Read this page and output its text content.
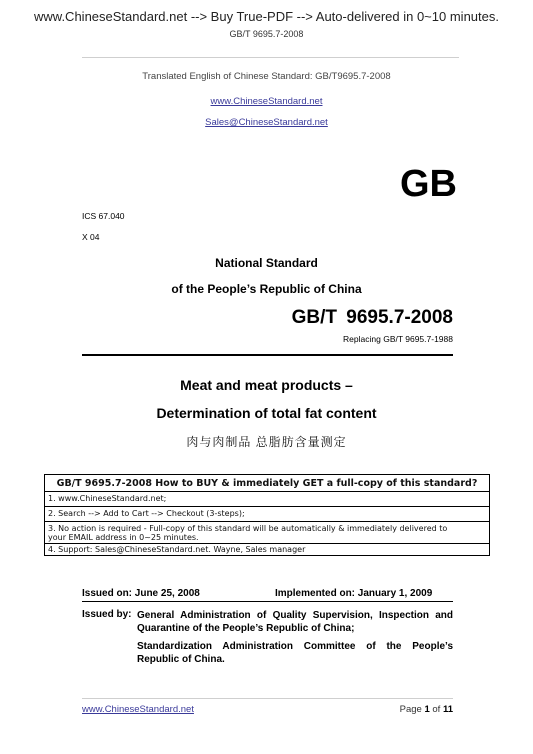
www.ChineseStandard.net --> Buy True-PDF --> Auto-delivered in 0~10 minutes.
GB/T 9695.7-2008
Translated English of Chinese Standard: GB/T9695.7-2008
www.ChineseStandard.net
Sales@ChineseStandard.net
GB
ICS 67.040
X 04
National Standard
of the People’s Republic of China
GB/T 9695.7-2008
Replacing GB/T 9695.7-1988
Meat and meat products –
Determination of total fat content
肉与肉制品 总脂肪含量测定
GB/T 9695.7-2008 How to BUY & immediately GET a full-copy of this standard?
1. www.ChineseStandard.net;
2. Search --> Add to Cart --> Checkout (3-steps);
3. No action is required - Full-copy of this standard will be automatically & immediately delivered to
your EMAIL address in 0~25 minutes.
4. Support: Sales@ChineseStandard.net. Wayne, Sales manager
Issued on: June 25, 2008	Implemented on: January 1, 2009
Issued by: General Administration of Quality Supervision, Inspection and
Quarantine of the People’s Republic of China;
Standardization Administration Committee of the People’s
Republic of China.
www.ChineseStandard.net	Page 1 of 11
